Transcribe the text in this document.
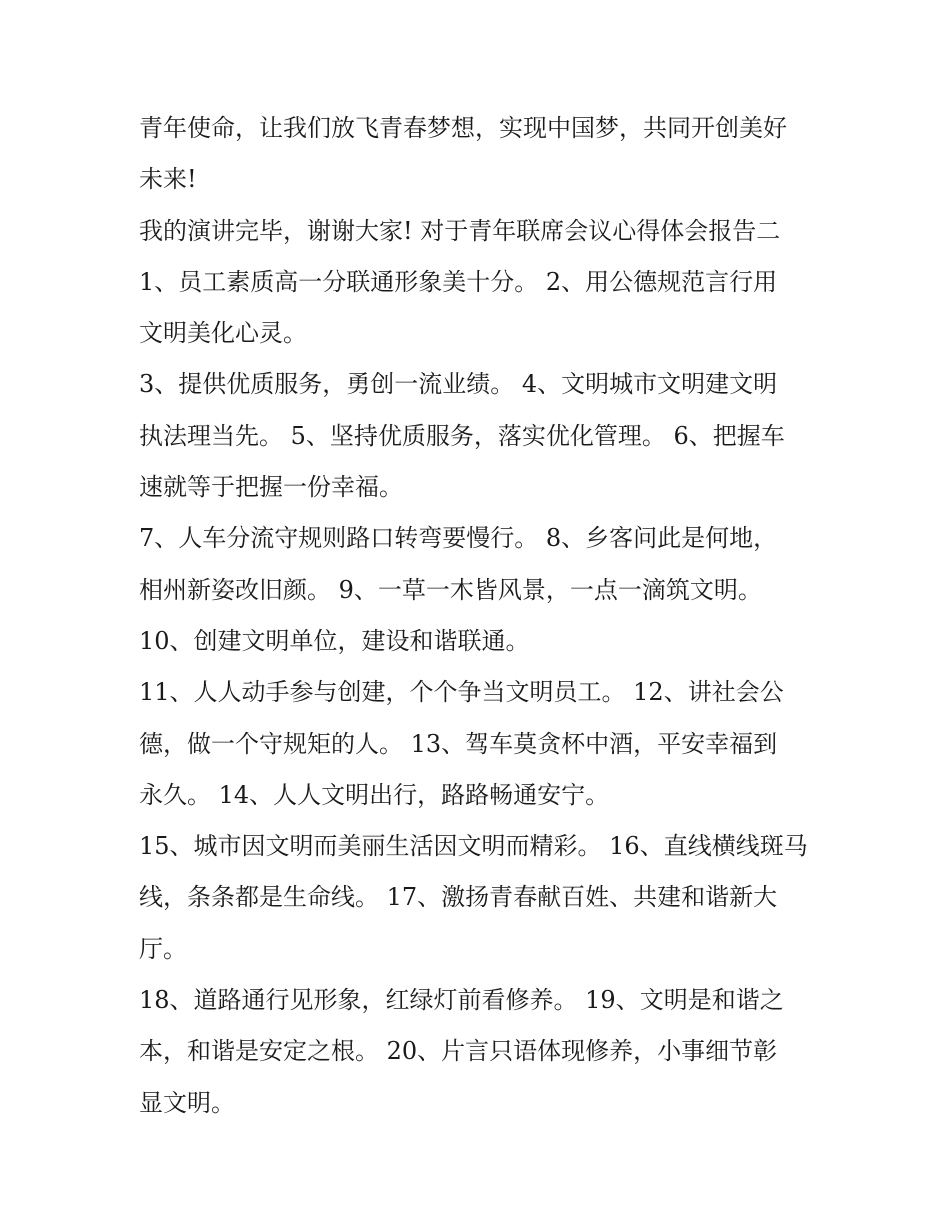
青年使命，让我们放飞青春梦想，实现中国梦，共同开创美好
未来!
我的演讲完毕，谢谢大家! 对于青年联席会议心得体会报告二
1、员工素质高一分联通形象美十分。 2、用公德规范言行用
文明美化心灵。
3、提供优质服务，勇创一流业绩。 4、文明城市文明建文明
执法理当先。 5、坚持优质服务，落实优化管理。 6、把握车
速就等于把握一份幸福。
7、人车分流守规则路口转弯要慢行。 8、乡客问此是何地，
相州新姿改旧颜。 9、一草一木皆风景，一点一滴筑文明。
10、创建文明单位，建设和谐联通。
11、人人动手参与创建，个个争当文明员工。 12、讲社会公
德，做一个守规矩的人。 13、驾车莫贪杯中酒，平安幸福到
永久。 14、人人文明出行，路路畅通安宁。
15、城市因文明而美丽生活因文明而精彩。 16、直线横线斑马
线，条条都是生命线。 17、激扬青春献百姓、共建和谐新大
厅。
18、道路通行见形象，红绿灯前看修养。 19、文明是和谐之
本，和谐是安定之根。 20、片言只语体现修养，小事细节彰
显文明。
